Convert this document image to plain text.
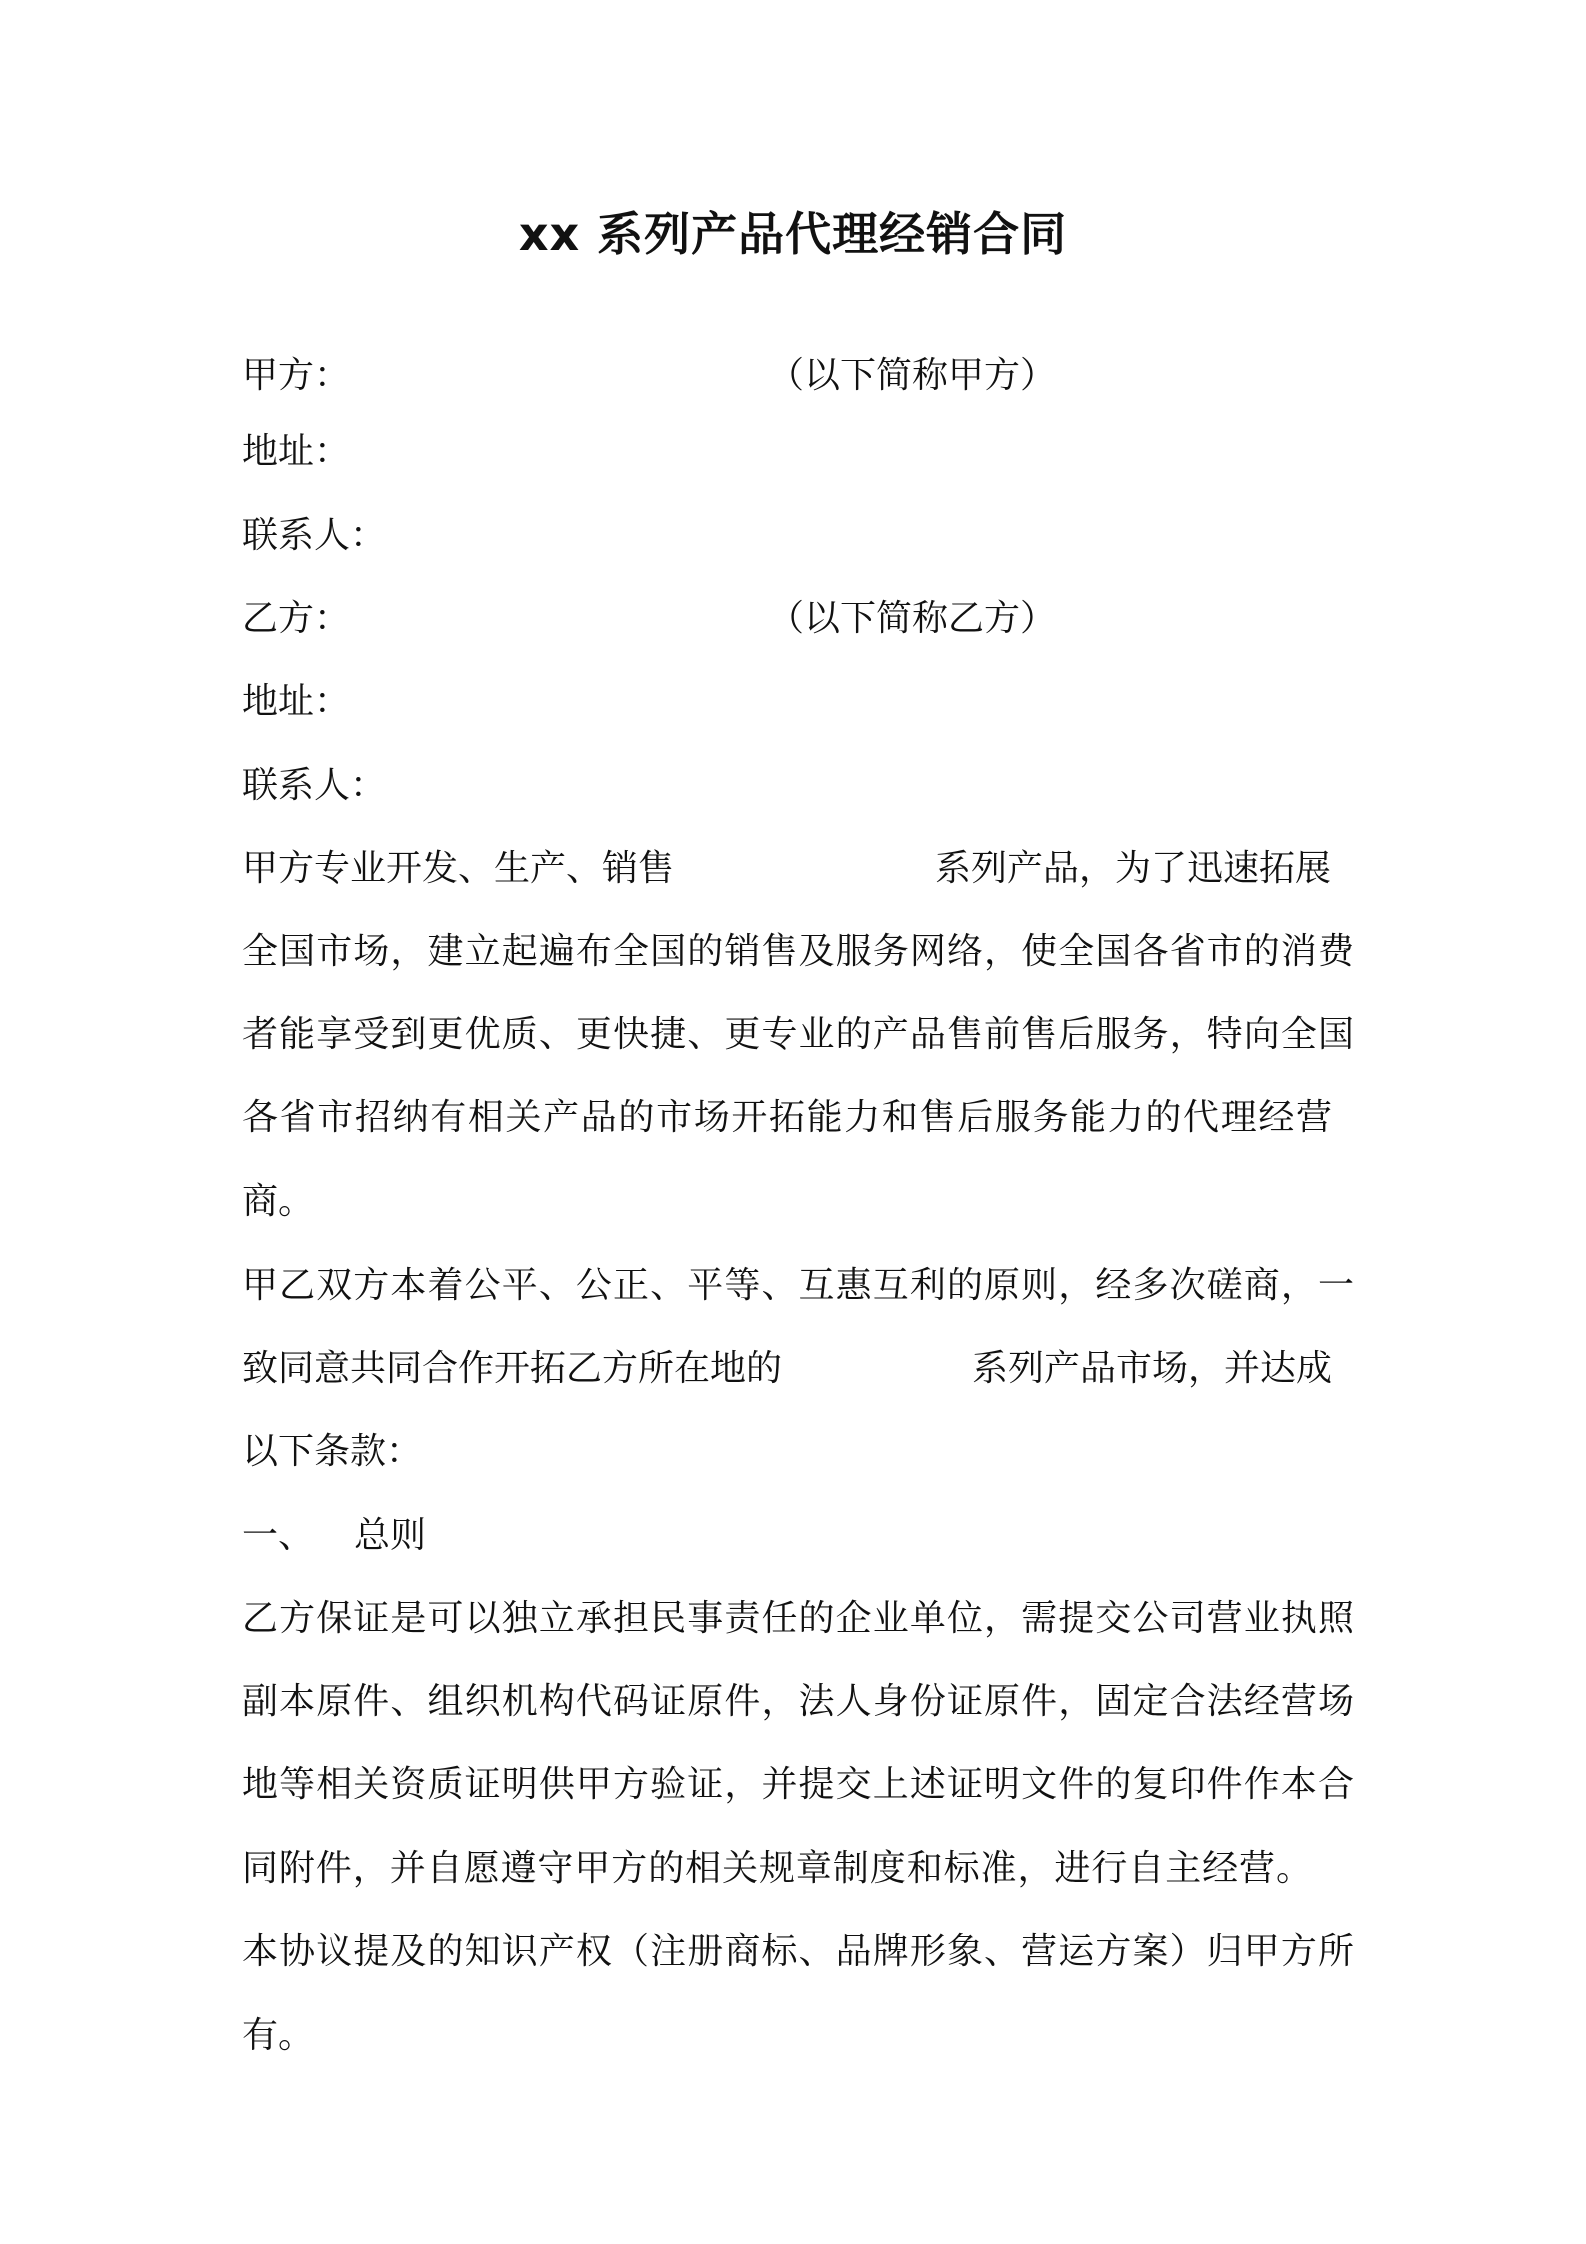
xx 系列产品代理经销合同
甲方：	（以下简称甲方）
地址：
联系人：
乙方：	（以下简称乙方）
地址：
联系人：
甲方专业开发、生产、销售	系列产品，为了迅速拓展
全国市场，建立起遍布全国的销售及服务网络，使全国各省市的消费
者能享受到更优质、更快捷、更专业的产品售前售后服务，特向全国
各省市招纳有相关产品的市场开拓能力和售后服务能力的代理经营
商。
甲乙双方本着公平、公正、平等、互惠互利的原则，经多次磋商，一
致同意共同合作开拓乙方所在地的	系列产品市场，并达成
以下条款：
一、 总则
乙方保证是可以独立承担民事责任的企业单位，需提交公司营业执照
副本原件、组织机构代码证原件，法人身份证原件，固定合法经营场
地等相关资质证明供甲方验证，并提交上述证明文件的复印件作本合
同附件，并自愿遵守甲方的相关规章制度和标准，进行自主经营。
本协议提及的知识产权（注册商标、品牌形象、营运方案）归甲方所
有。
